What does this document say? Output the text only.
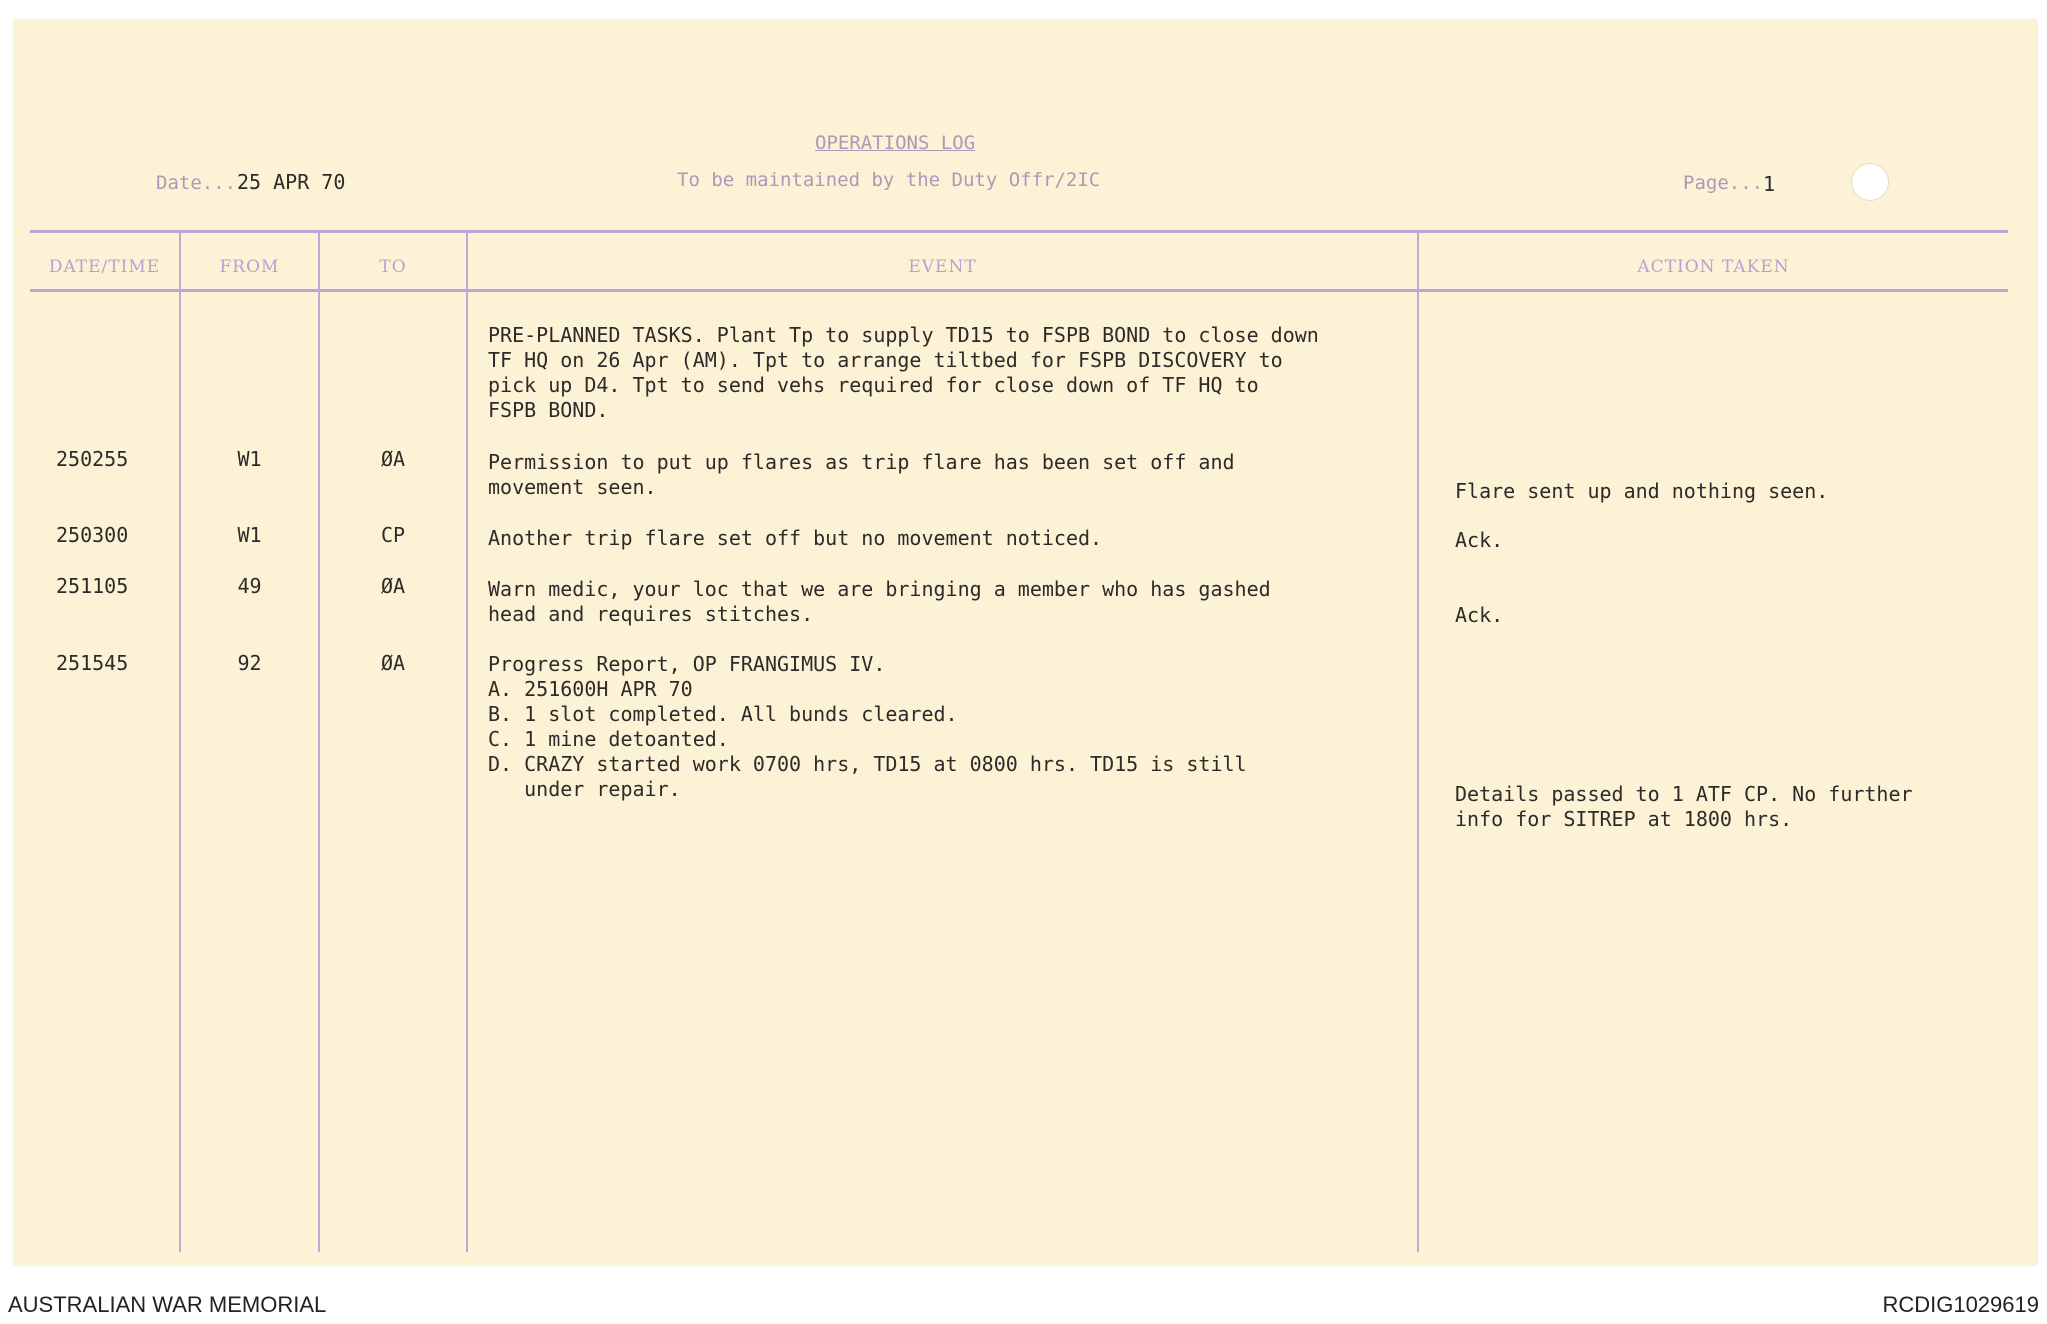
OPERATIONS LOG
To be maintained by the Duty Offr/2IC
Date... 25 APR 70	Page... 1
DATE/TIME	FROM	TO	EVENT	ACTION TAKEN
PRE-PLANNED TASKS. Plant Tp to supply TD15 to FSPB BOND to close down
TF HQ on 26 Apr (AM). Tpt to arrange tiltbed for FSPB DISCOVERY to
pick up D4. Tpt to send vehs required for close down of TF HQ to
FSPB BOND.
250255	W1	ØA	Permission to put up flares as trip flare has been set off and
movement seen.	Flare sent up and nothing seen.
250300	W1	CP	Another trip flare set off but no movement noticed.	Ack.
251105	49	ØA	Warn medic, your loc that we are bringing a member who has gashed
head and requires stitches.	Ack.
251545	92	ØA	Progress Report, OP FRANGIMUS IV.
A. 251600H APR 70
B. 1 slot completed. All bunds cleared.
C. 1 mine detoanted.
D. CRAZY started work 0700 hrs, TD15 at 0800 hrs. TD15 is still
under repair.	Details passed to 1 ATF CP. No further
info for SITREP at 1800 hrs.
AUSTRALIAN WAR MEMORIAL	RCDIG1029619
